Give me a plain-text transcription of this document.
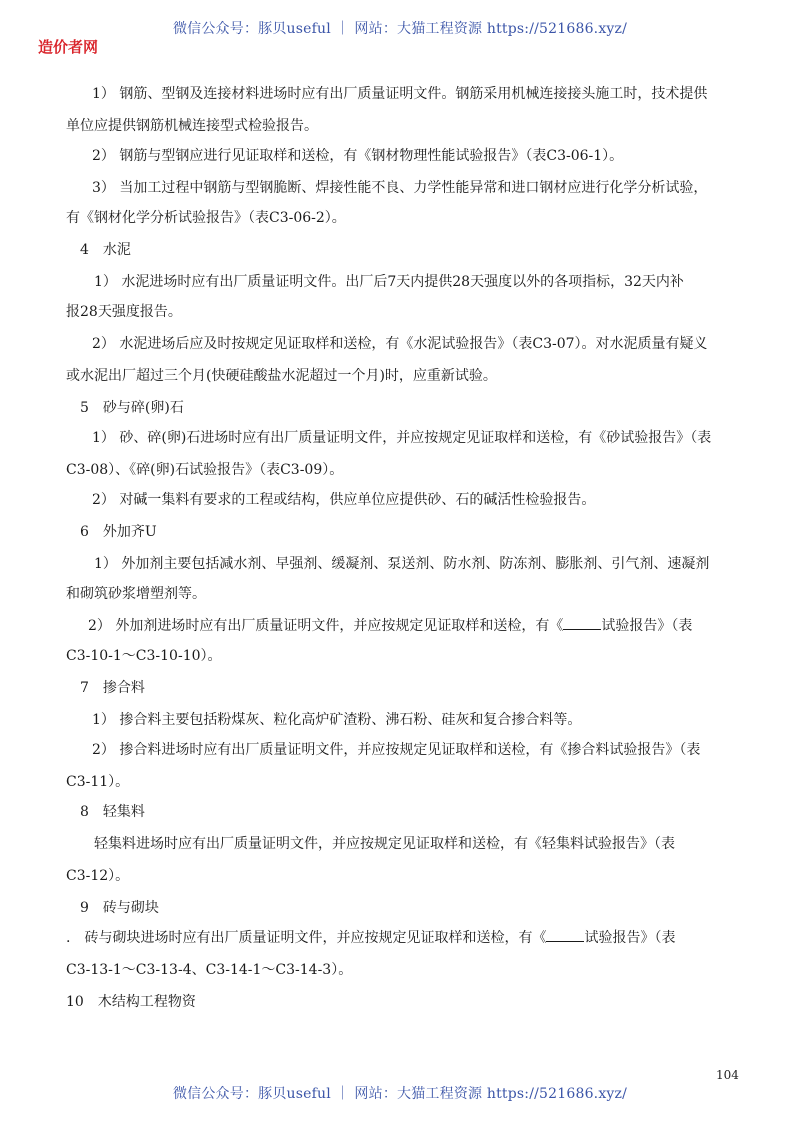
微信公众号：豚贝useful ｜ 网站：大猫工程资源 https://521686.xyz/
造价者网
1） 钢筋、型钢及连接材料进场时应有出厂质量证明文件。钢筋采用机械连接接头施工时，技术提供
单位应提供钢筋机械连接型式检验报告。
2） 钢筋与型钢应进行见证取样和送检，有《钢材物理性能试验报告》（表C3-06-1）。
3） 当加工过程中钢筋与型钢脆断、焊接性能不良、力学性能异常和进口钢材应进行化学分析试验，
有《钢材化学分析试验报告》（表C3-06-2）。
4　水泥
1） 水泥进场时应有出厂质量证明文件。出厂后7天内提供28天强度以外的各项指标，32天内补
报28天强度报告。
2） 水泥进场后应及时按规定见证取样和送检，有《水泥试验报告》（表C3-07）。对水泥质量有疑义
或水泥出厂超过三个月(快硬硅酸盐水泥超过一个月)时，应重新试验。
5　砂与碎(卵)石
1） 砂、碎(卵)石进场时应有出厂质量证明文件，并应按规定见证取样和送检，有《砂试验报告》（表
C3-08）、《碎(卵)石试验报告》（表C3-09）。
2） 对碱一集料有要求的工程或结构，供应单位应提供砂、石的碱活性检验报告。
6　外加齐U
1） 外加剂主要包括减水剂、早强剂、缓凝剂、泵送剂、防水剂、防冻剂、膨胀剂、引气剂、速凝剂
和砌筑砂浆增塑剂等。
2） 外加剂进场时应有出厂质量证明文件，并应按规定见证取样和送检，有《	试验报告》（表
C3-10-1～C3-10-10）。
7　掺合料
1） 掺合料主要包括粉煤灰、粒化高炉矿渣粉、沸石粉、硅灰和复合掺合料等。
2） 掺合料进场时应有出厂质量证明文件，并应按规定见证取样和送检，有《掺合料试验报告》（表
C3-11）。
8　轻集料
轻集料进场时应有出厂质量证明文件，并应按规定见证取样和送检，有《轻集料试验报告》（表
C3-12）。
9　砖与砌块
.　砖与砌块进场时应有出厂质量证明文件，并应按规定见证取样和送检，有《	试验报告》（表
C3-13-1～C3-13-4、C3-14-1～C3-14-3）。
10　木结构工程物资
104
微信公众号：豚贝useful ｜ 网站：大猫工程资源 https://521686.xyz/
